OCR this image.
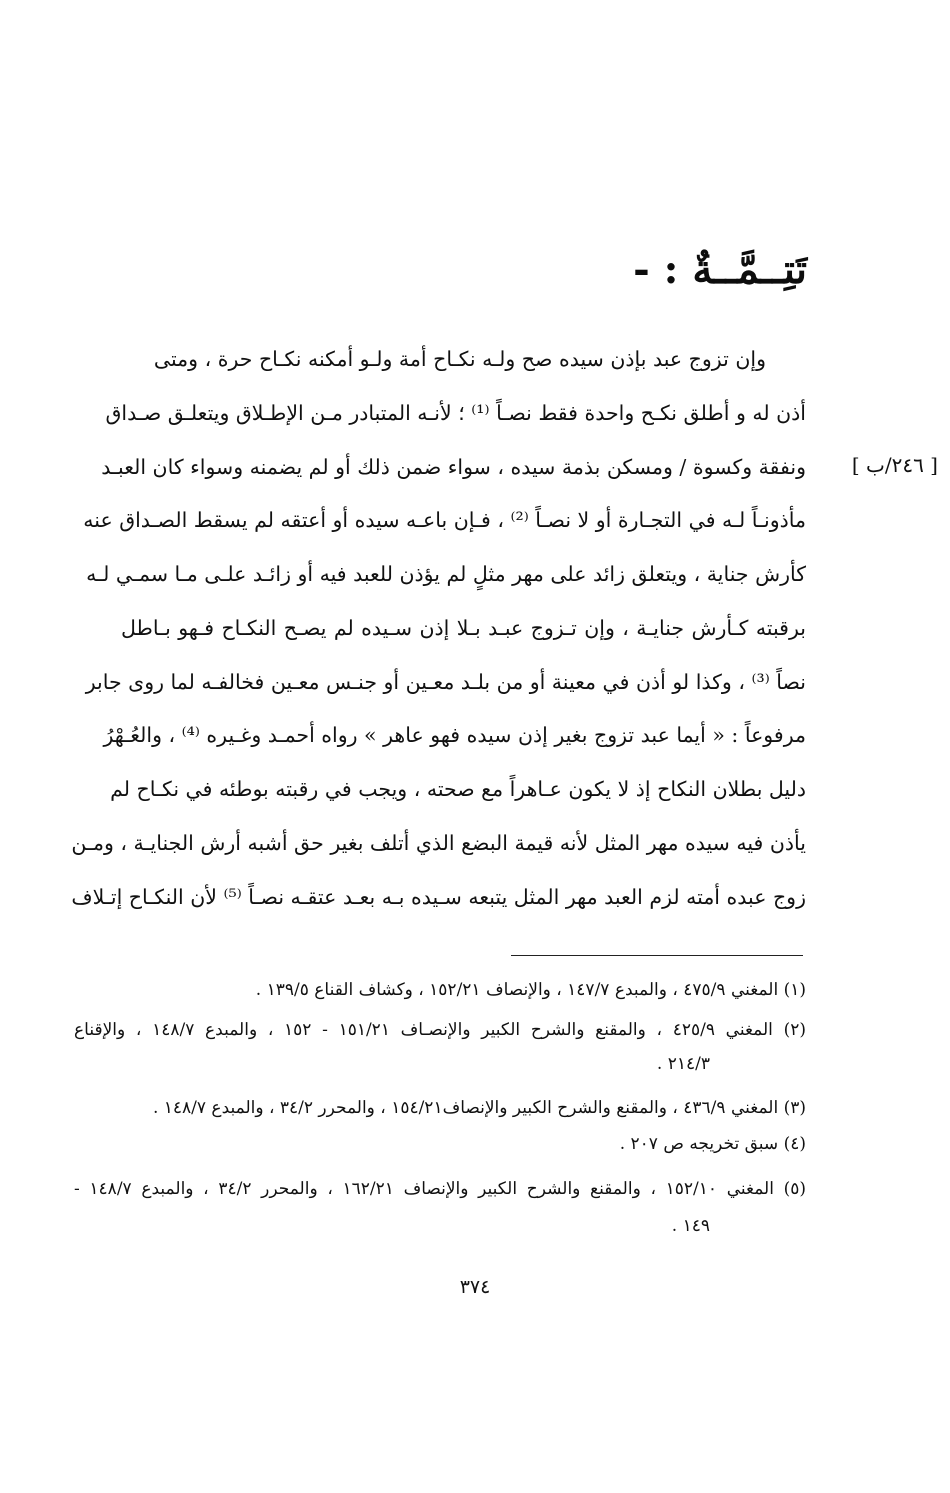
تَتِــمَّــةٌ : -
[ ٢٤٦/ب ]
وإن تزوج عبد بإذن سيده صح ولـه نكـاح أمة ولـو أمكنه نكـاح حرة ، ومتى
أذن له و أطلق نكـح واحدة فقط نصـاً ⁽¹⁾ ؛ لأنـه المتبادر مـن الإطـلاق ويتعلـق صـداق
ونفقة وكسوة / ومسكن بذمة سيده ، سواء ضمن ذلك أو لم يضمنه وسواء كان العبـد
مأذونـاً لـه في التجـارة أو لا نصـاً ⁽²⁾ ، فـإن باعـه سيده أو أعتقه لم يسقط الصـداق عنه
كأرش جناية ، ويتعلق زائد على مهر مثلٍ لم يؤذن للعبد فيه أو زائـد علـى مـا سمـي لـه
برقبته كـأرش جنايـة ، وإن تـزوج عبـد بـلا إذن سـيده لم يصـح النكـاح فـهو بـاطل
نصاً ⁽³⁾ ، وكذا لو أذن في معينة أو من بلـد معـين أو جنـس معـين فخالفـه لما روى جابر
مرفوعاً : « أيما عبد تزوج بغير إذن سيده فهو عاهر » رواه أحمـد وغـيره ⁽⁴⁾ ، والعُـهْرُ
دليل بطلان النكاح إذ لا يكون عـاهراً مع صحته ، ويجب في رقبته بوطئه في نكـاح لم
يأذن فيه سيده مهر المثل لأنه قيمة البضع الذي أتلف بغير حق أشبه أرش الجنايـة ، ومـن
زوج عبده أمته لزم العبد مهر المثل يتبعه سـيده بـه بعـد عتقـه نصـاً ⁽⁵⁾ لأن النكـاح إتـلاف
(١) المغني ٤٧٥/٩ ، والمبدع ١٤٧/٧ ، والإنصاف ١٥٢/٢١ ، وكشاف القناع ١٣٩/٥ .
(٢) المغني ٤٢٥/٩ ، والمقنع والشرح الكبير والإنصـاف ١٥١/٢١ - ١٥٢ ، والمبدع ١٤٨/٧ ، والإقناع
٢١٤/٣ .
(٣) المغني ٤٣٦/٩ ، والمقنع والشرح الكبير والإنصاف١٥٤/٢١ ، والمحرر ٣٤/٢ ، والمبدع ١٤٨/٧ .
(٤) سبق تخريجه ص ٢٠٧ .
(٥) المغني ١٥٢/١٠ ، والمقنع والشرح الكبير والإنصاف ١٦٢/٢١ ، والمحرر ٣٤/٢ ، والمبدع ١٤٨/٧ -
١٤٩ .
٣٧٤
